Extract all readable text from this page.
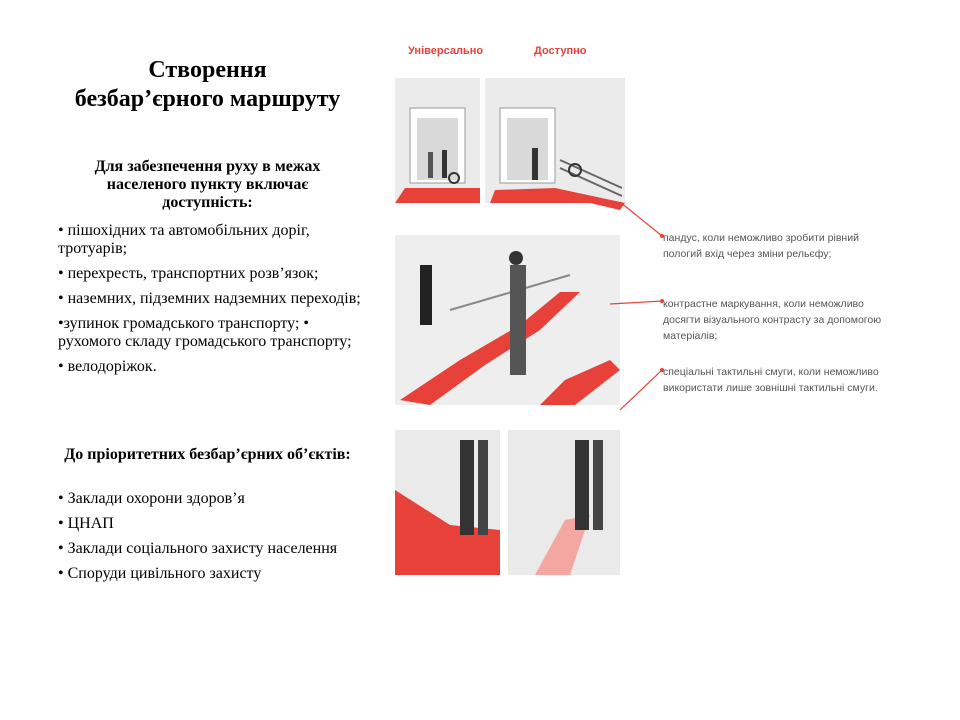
Створення
безбар’єрного маршруту
Для забезпечення руху в межах населеного пункту включає доступність:
• пішохідних та автомобільних доріг, тротуарів;
• перехресть, транспортних розв’язок;
• наземних, підземних надземних переходів;
•зупинок громадського транспорту; • рухомого складу громадського транспорту;
• велодоріжок.
До пріоритетних безбар’єрних об’єктів:
• Заклади охорони здоров’я
• ЦНАП
• Заклади соціального захисту населення
• Споруди цивільного захисту
Універсально	Доступно
пандус, коли неможливо зробити рівний пологий вхід через зміни рельєфу;
контрастне маркування, коли неможливо досягти візуального контрасту за допомогою матеріалів;
спеціальні тактильні смуги, коли неможливо використати лише зовнішні тактильні смуги.
